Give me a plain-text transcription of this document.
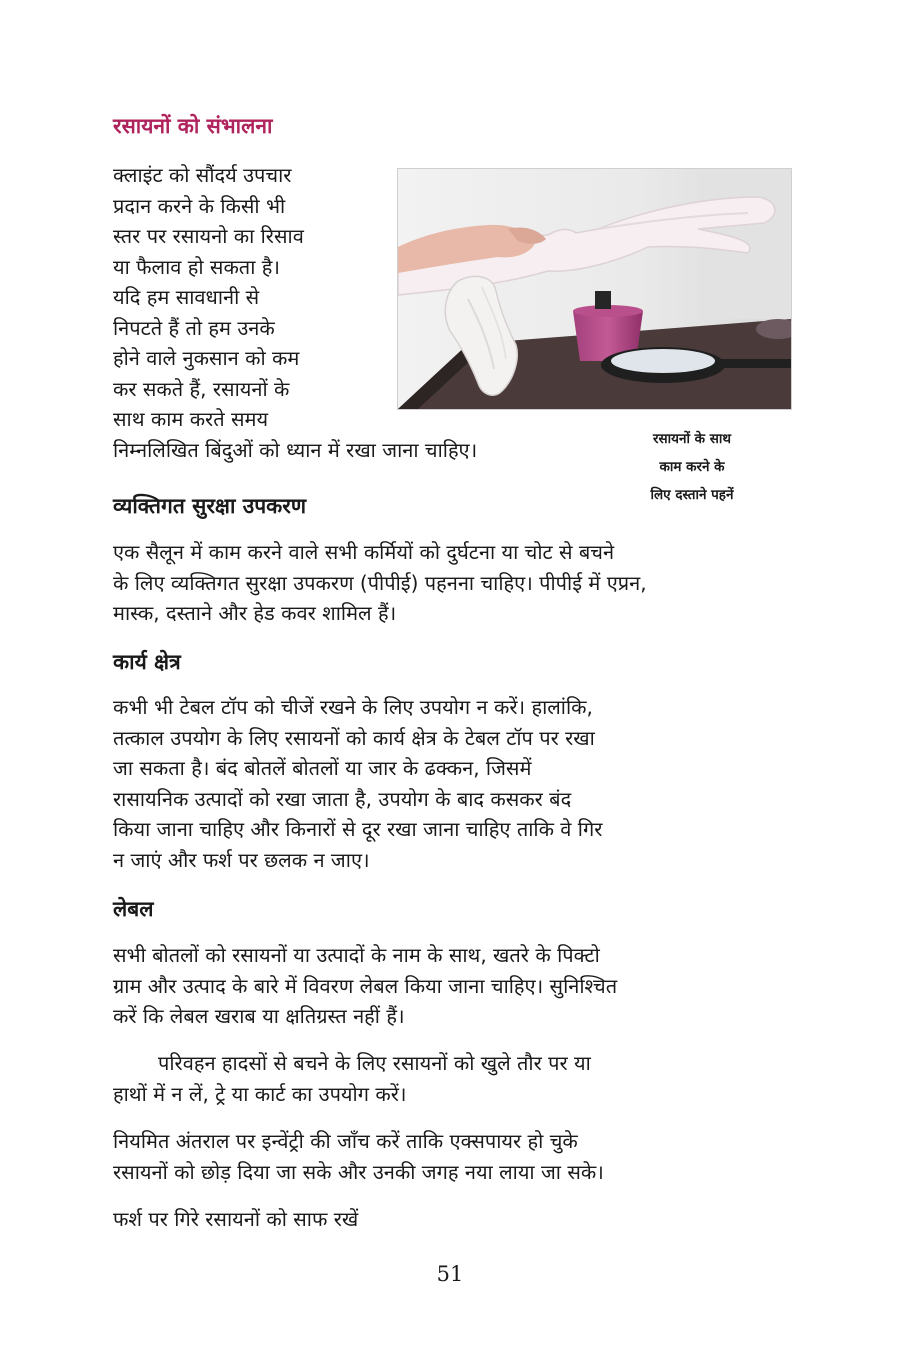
रसायनों को संभालना
क्लाइंट को सौंदर्य उपचार
प्रदान करने के किसी भी
स्तर पर रसायनो का रिसाव
या फैलाव हो सकता है।
यदि हम सावधानी से
निपटते हैं तो हम उनके
होने वाले नुकसान को कम
कर सकते हैं, रसायनों के
साथ काम करते समय

निम्नलिखित बिंदुओं को ध्यान में रखा जाना चाहिए।	रसायनों के साथ
काम करने के
लिए दस्ताने पहनें
व्यक्तिगत सुरक्षा उपकरण
एक सैलून में काम करने वाले सभी कर्मियों को दुर्घटना या चोट से बचने
के लिए व्यक्तिगत सुरक्षा उपकरण (पीपीई) पहनना चाहिए। पीपीई में एप्रन,
मास्क, दस्ताने और हेड कवर शामिल हैं।
कार्य क्षेत्र
कभी भी टेबल टॉप को चीजें रखने के लिए उपयोग न करें। हालांकि,
तत्काल उपयोग के लिए रसायनों को कार्य क्षेत्र के टेबल टॉप पर रखा
जा सकता है। बंद बोतलें बोतलों या जार के ढक्कन, जिसमें
रासायनिक उत्पादों को रखा जाता है, उपयोग के बाद कसकर बंद
किया जाना चाहिए और किनारों से दूर रखा जाना चाहिए ताकि वे गिर
न जाएं और फर्श पर छलक न जाए।
लेबल
सभी बोतलों को रसायनों या उत्पादों के नाम के साथ, खतरे के पिक्टो
ग्राम और उत्पाद के बारे में विवरण लेबल किया जाना चाहिए। सुनिश्चित
करें कि लेबल खराब या क्षतिग्रस्त नहीं हैं।
परिवहन हादसों से बचने के लिए रसायनों को खुले तौर पर या
हाथों में न लें, ट्रे या कार्ट का उपयोग करें।
नियमित अंतराल पर इन्वेंट्री की जाँच करें ताकि एक्सपायर हो चुके
रसायनों को छोड़ दिया जा सके और उनकी जगह नया लाया जा सके।

फर्श पर गिरे रसायनों को साफ रखें

51
